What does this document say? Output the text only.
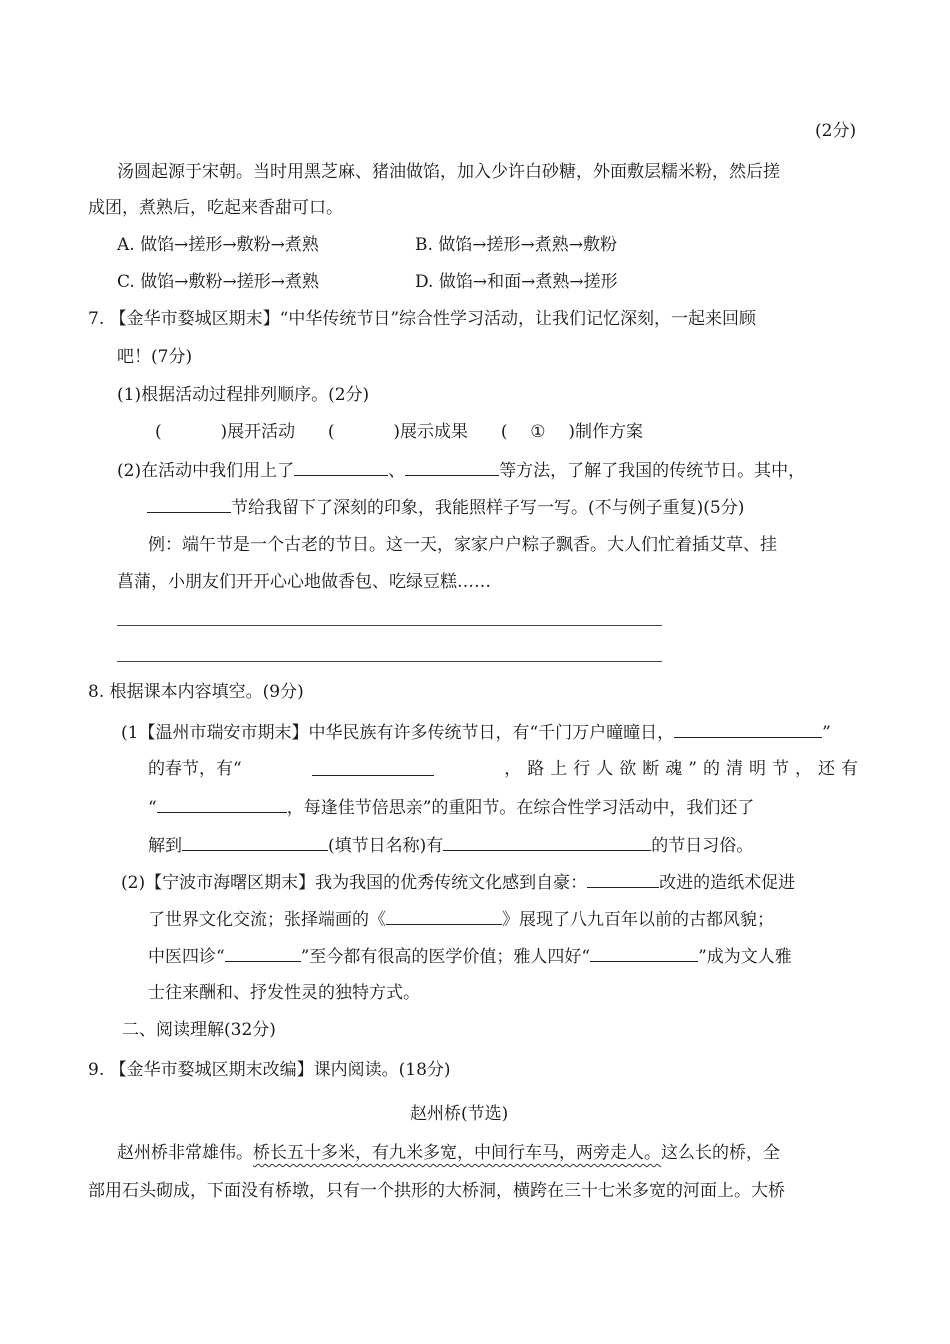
(2分)
汤圆起源于宋朝。当时用黑芝麻、猪油做馅，加入少许白砂糖，外面敷层糯米粉，然后搓
成团，煮熟后，吃起来香甜可口。
A. 做馅→搓形→敷粉→煮熟	B. 做馅→搓形→煮熟→敷粉
C. 做馅→敷粉→搓形→煮熟	D. 做馅→和面→煮熟→搓形
7. 【金华市婺城区期末】“中华传统节日”综合性学习活动，让我们记忆深刻，一起来回顾
吧！(7分)
(1)根据活动过程排列顺序。(2分)
(	)展开活动 (	)展示成果 ( ① )制作方案
(2)在活动中我们用上了	、	等方法，了解了我国的传统节日。其中，
节给我留下了深刻的印象，我能照样子写一写。(不与例子重复)(5分)
例：端午节是一个古老的节日。这一天，家家户户粽子飘香。大人们忙着插艾草、挂
菖蒲，小朋友们开开心心地做香包、吃绿豆糕……
8. 根据课本内容填空。(9分)
(1【温州市瑞安市期末】中华民族有许多传统节日，有“千门万户曈曈日，	”
的春节，有“	，路上行人欲断魂”的清明节，还有
“	，每逢佳节倍思亲”的重阳节。在综合性学习活动中，我们还了
解到	(填节日名称)有	的节日习俗。
(2)【宁波市海曙区期末】我为我国的优秀传统文化感到自豪：	改进的造纸术促进
了世界文化交流；张择端画的《	》展现了八九百年以前的古都风貌；
中医四诊“	”至今都有很高的医学价值；雅人四好“	”成为文人雅
士往来酬和、抒发性灵的独特方式。
二、阅读理解(32分)
9. 【金华市婺城区期末改编】课内阅读。(18分)
赵州桥(节选)
赵州桥非常雄伟。桥长五十多米，有九米多宽，中间行车马，两旁走人。这么长的桥，全
部用石头砌成，下面没有桥墩，只有一个拱形的大桥洞，横跨在三十七米多宽的河面上。大桥
